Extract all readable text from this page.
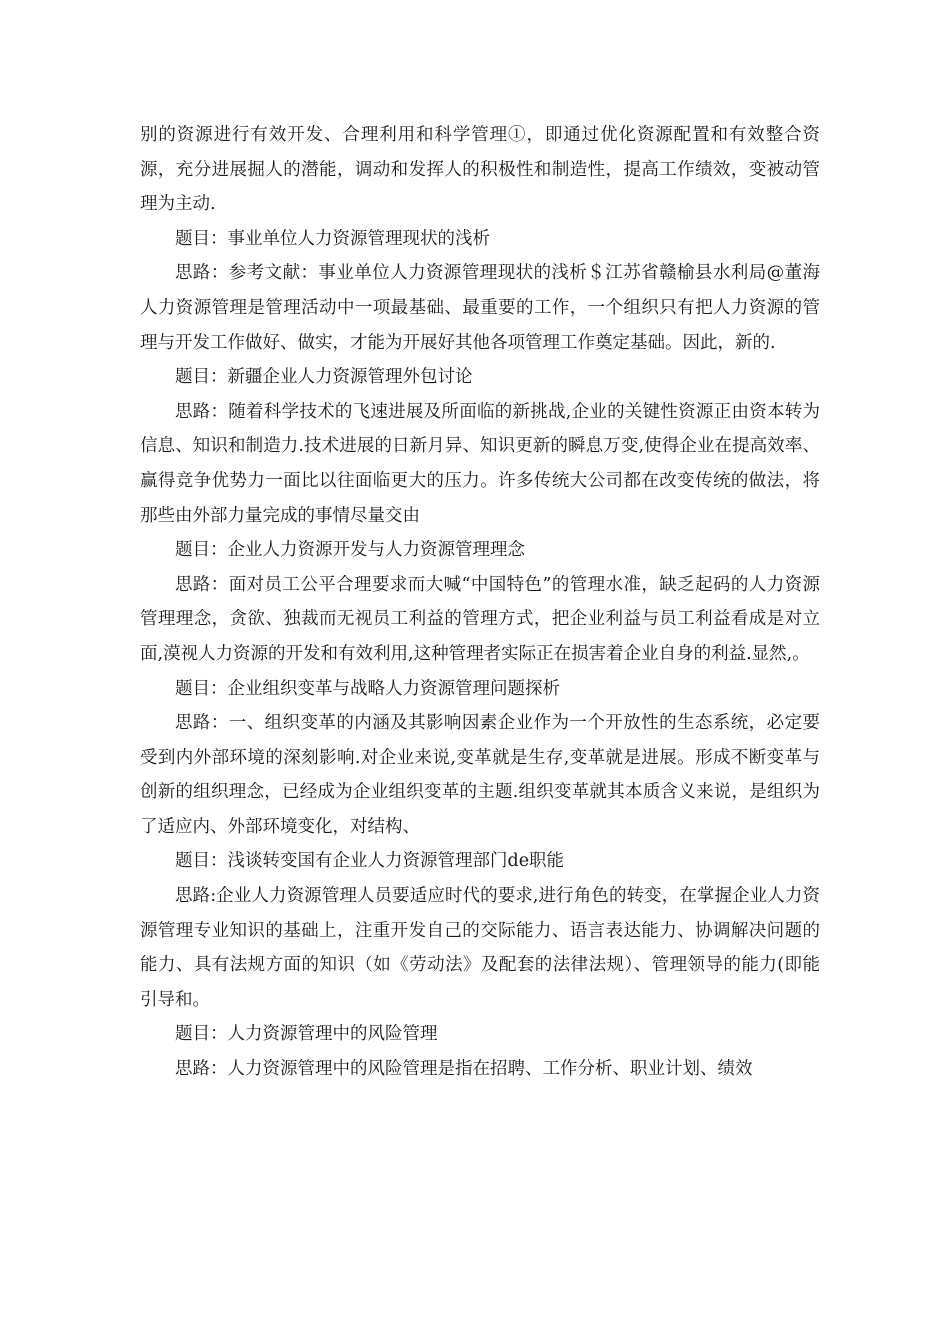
别的资源进行有效开发、合理利用和科学管理①，即通过优化资源配置和有效整合资源，充分进展掘人的潜能，调动和发挥人的积极性和制造性，提高工作绩效，变被动管理为主动.

题目：事业单位人力资源管理现状的浅析

思路：参考文献：事业单位人力资源管理现状的浅析＄江苏省赣榆县水利局@董海人力资源管理是管理活动中一项最基础、最重要的工作，一个组织只有把人力资源的管理与开发工作做好、做实，才能为开展好其他各项管理工作奠定基础。因此，新的.

题目：新疆企业人力资源管理外包讨论

思路：随着科学技术的飞速进展及所面临的新挑战,企业的关键性资源正由资本转为信息、知识和制造力.技术进展的日新月异、知识更新的瞬息万变,使得企业在提高效率、赢得竞争优势力一面比以往面临更大的压力。许多传统大公司都在改变传统的做法，将那些由外部力量完成的事情尽量交由

题目：企业人力资源开发与人力资源管理理念

思路：面对员工公平合理要求而大喊“中国特色”的管理水准，缺乏起码的人力资源管理理念，贪欲、独裁而无视员工利益的管理方式，把企业利益与员工利益看成是对立面,漠视人力资源的开发和有效利用,这种管理者实际正在损害着企业自身的利益.显然,。

题目：企业组织变革与战略人力资源管理问题探析

思路：一、组织变革的内涵及其影响因素企业作为一个开放性的生态系统，必定要受到内外部环境的深刻影响.对企业来说,变革就是生存,变革就是进展。形成不断变革与创新的组织理念，已经成为企业组织变革的主题.组织变革就其本质含义来说，是组织为了适应内、外部环境变化，对结构、

题目：浅谈转变国有企业人力资源管理部门de职能

思路:企业人力资源管理人员要适应时代的要求,进行角色的转变，在掌握企业人力资源管理专业知识的基础上，注重开发自己的交际能力、语言表达能力、协调解决问题的能力、具有法规方面的知识（如《劳动法》及配套的法律法规）、管理领导的能力(即能引导和。

题目：人力资源管理中的风险管理

思路：人力资源管理中的风险管理是指在招聘、工作分析、职业计划、绩效
